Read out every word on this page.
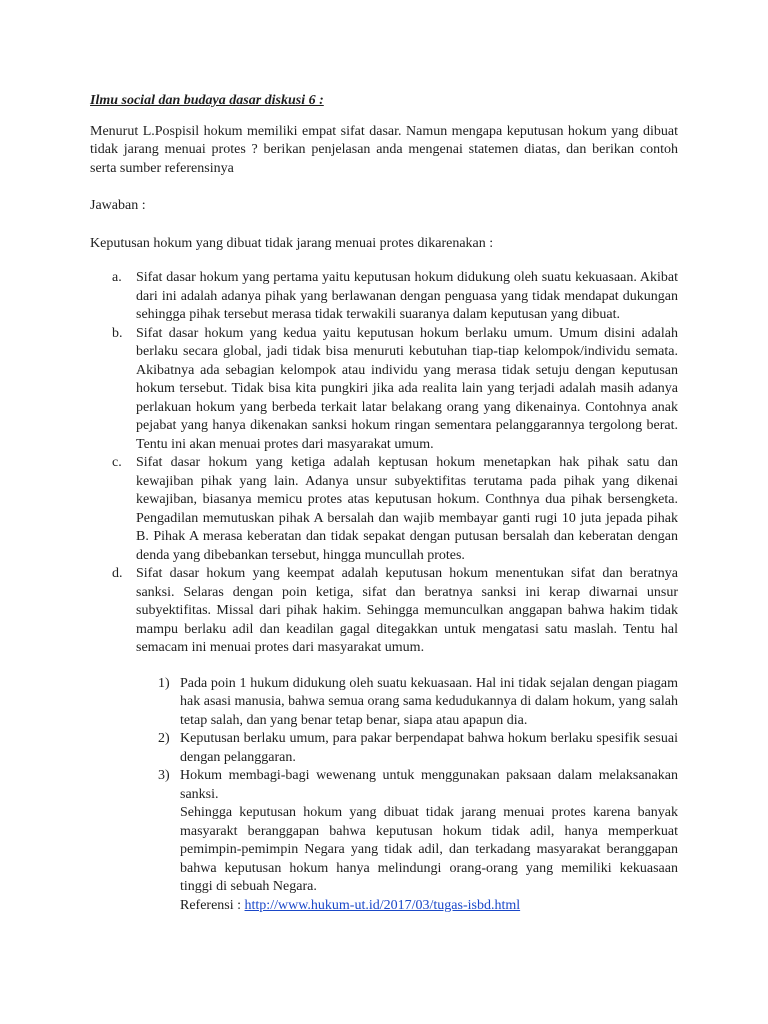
Ilmu social dan budaya dasar diskusi 6 :

Menurut L.Pospisil hokum memiliki empat sifat dasar. Namun mengapa keputusan hokum yang dibuat tidak jarang menuai protes ? berikan penjelasan anda mengenai statemen diatas, dan berikan contoh serta sumber referensinya

Jawaban :

Keputusan hokum yang dibuat tidak jarang menuai protes dikarenakan :

a. Sifat dasar hokum yang pertama yaitu keputusan hokum didukung oleh suatu kekuasaan. Akibat dari ini adalah adanya pihak yang berlawanan dengan penguasa yang tidak mendapat dukungan sehingga pihak tersebut merasa tidak terwakili suaranya dalam keputusan yang dibuat.
b. Sifat dasar hokum yang kedua yaitu keputusan hokum berlaku umum. Umum disini adalah berlaku secara global, jadi tidak bisa menuruti kebutuhan tiap-tiap kelompok/individu semata. Akibatnya ada sebagian kelompok atau individu yang merasa tidak setuju dengan keputusan hokum tersebut. Tidak bisa kita pungkiri jika ada realita lain yang terjadi adalah masih adanya perlakuan hokum yang berbeda terkait latar belakang orang yang dikenainya. Contohnya anak pejabat yang hanya dikenakan sanksi hokum ringan sementara pelanggarannya tergolong berat. Tentu ini akan menuai protes dari masyarakat umum.
c. Sifat dasar hokum yang ketiga adalah keptusan hokum menetapkan hak pihak satu dan kewajiban pihak yang lain. Adanya unsur subyektifitas terutama pada pihak yang dikenai kewajiban, biasanya memicu protes atas keputusan hokum. Conthnya dua pihak bersengketa. Pengadilan memutuskan pihak A bersalah dan wajib membayar ganti rugi 10 juta jepada pihak B. Pihak A merasa keberatan dan tidak sepakat dengan putusan bersalah dan keberatan dengan denda yang dibebankan tersebut, hingga muncullah protes.
d. Sifat dasar hokum yang keempat adalah keputusan hokum menentukan sifat dan beratnya sanksi. Selaras dengan poin ketiga, sifat dan beratnya sanksi ini kerap diwarnai unsur subyektifitas. Missal dari pihak hakim. Sehingga memunculkan anggapan bahwa hakim tidak mampu berlaku adil dan keadilan gagal ditegakkan untuk mengatasi satu maslah. Tentu hal semacam ini menuai protes dari masyarakat umum.
1) Pada poin 1 hukum didukung oleh suatu kekuasaan. Hal ini tidak sejalan dengan piagam hak asasi manusia, bahwa semua orang sama kedudukannya di dalam hokum, yang salah tetap salah, dan yang benar tetap benar, siapa atau apapun dia.
2) Keputusan berlaku umum, para pakar berpendapat bahwa hokum berlaku spesifik sesuai dengan pelanggaran.
3) Hokum membagi-bagi wewenang untuk menggunakan paksaan dalam melaksanakan sanksi.

Sehingga keputusan hokum yang dibuat tidak jarang menuai protes karena banyak masyarakt beranggapan bahwa keputusan hokum tidak adil, hanya memperkuat pemimpin-pemimpin Negara yang tidak adil, dan terkadang masyarakat beranggapan bahwa keputusan hokum hanya melindungi orang-orang yang memiliki kekuasaan tinggi di sebuah Negara.

Referensi : http://www.hukum-ut.id/2017/03/tugas-isbd.html
